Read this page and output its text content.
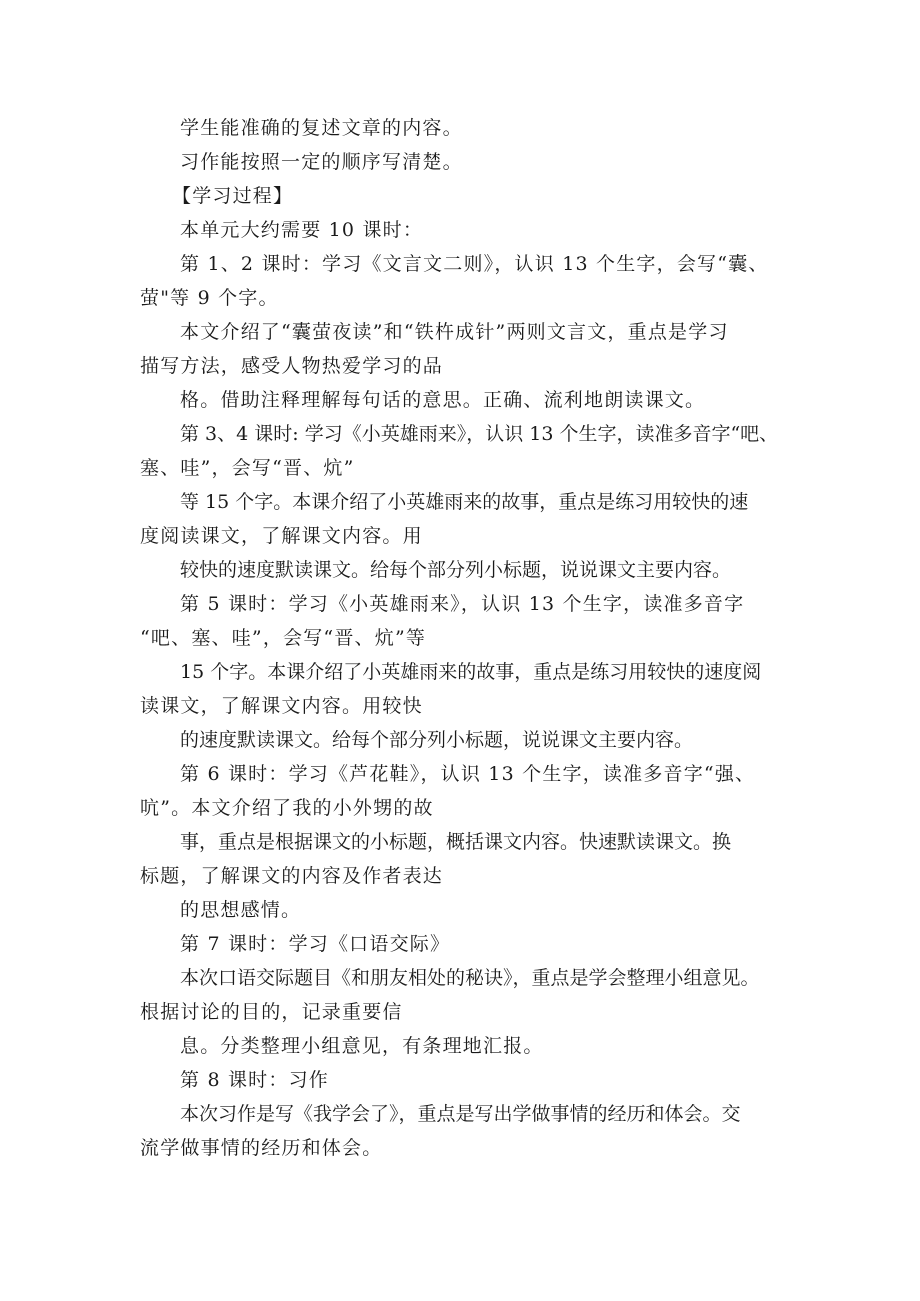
学生能准确的复述文章的内容。
习作能按照一定的顺序写清楚。
【学习过程】
本单元大约需要 10 课时：
第 1、2 课时：学习《文言文二则》，认识 13 个生字，会写“囊、
萤"等 9 个字。
本文介绍了“囊萤夜读”和“铁杵成针”两则文言文，重点是学习
描写方法，感受人物热爱学习的品
格。借助注释理解每句话的意思。正确、流利地朗读课文。
第 3、4 课时: 学习《小英雄雨来》，认识 13 个生字，读准多音字“吧、
塞、哇”，会写“晋、炕”
等 15 个字。本课介绍了小英雄雨来的故事，重点是练习用较快的速
度阅读课文，了解课文内容。用
较快的速度默读课文。给每个部分列小标题，说说课文主要内容。
第 5 课时：学习《小英雄雨来》，认识 13 个生字，读准多音字
“吧、塞、哇”，会写“晋、炕”等
15 个字。本课介绍了小英雄雨来的故事，重点是练习用较快的速度阅
读课文，了解课文内容。用较快
的速度默读课文。给每个部分列小标题，说说课文主要内容。
第 6 课时：学习《芦花鞋》，认识 13 个生字，读准多音字“强、
吭”。本文介绍了我的小外甥的故
事，重点是根据课文的小标题，概括课文内容。快速默读课文。换
标题，了解课文的内容及作者表达
的思想感情。
第 7 课时：学习《口语交际》
本次口语交际题目《和朋友相处的秘诀》，重点是学会整理小组意见。
根据讨论的目的，记录重要信
息。分类整理小组意见，有条理地汇报。
第 8 课时：习作
本次习作是写《我学会了》，重点是写出学做事情的经历和体会。交
流学做事情的经历和体会。
